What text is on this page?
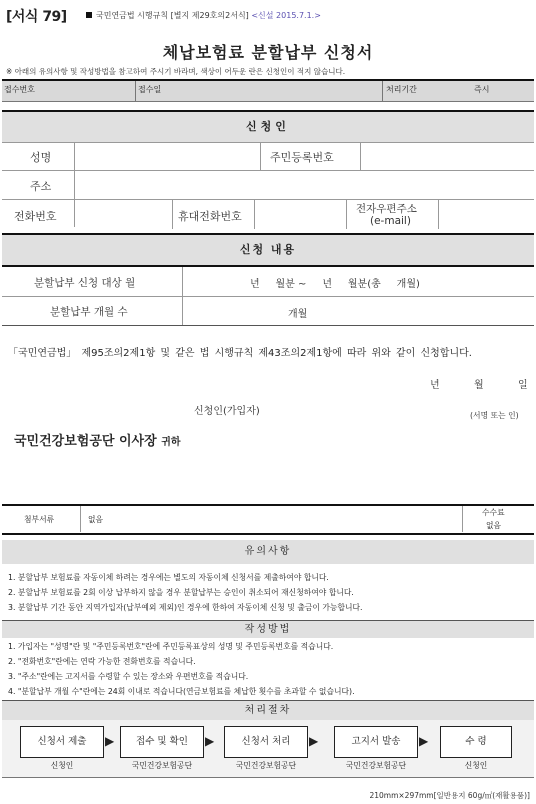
[서식 79]	국민연금법 시행규칙 [별지 제29호의2서식] <신설 2015.7.1.>
체납보험료 분할납부 신청서
※ 아래의 유의사항 및 작성방법을 참고하여 주시기 바라며, 색상이 어두운 란은 신청인이 적지 않습니다.
접수번호	접수일	처리기간	즉시
신청인
성명	주민등록번호
주소
전화번호	휴대전화번호
전자우편주소
(e-mail)
신청 내용
분할납부 신청 대상 월	년     월분 ~     년     월분(총     개월)
분할납부 개월 수	개월
「국민연금법」 제95조의2제1항 및 같은 법 시행규칙 제43조의2제1항에 따라 위와 같이 신청합니다.
년	월	일
신청인(가입자)	(서명 또는 인)
국민건강보험공단 이사장 귀하
첨부서류	없음
수수료
없음
유의사항
1. 분할납부 보험료를 자동이체 하려는 경우에는 별도의 자동이체 신청서를 제출하여야 합니다.
2. 분할납부 보험료를 2회 이상 납부하지 않을 경우 분할납부는 승인이 취소되어 재신청하여야 합니다.
3. 분할납부 기간 동안 지역가입자(납부예외 제외)인 경우에 한하여 자동이체 신청 및 출금이 가능합니다.
작성방법
1. 가입자는 "성명"란 및 "주민등록번호"란에 주민등록표상의 성명 및 주민등록번호를 적습니다.
2. "전화번호"란에는 연락 가능한 전화번호를 적습니다.
3. "주소"란에는 고지서를 수령할 수 있는 장소와 우편번호를 적습니다.
4. "분할납부 개월 수"란에는 24회 이내로 적습니다(연금보험료를 체납한 횟수를 초과할 수 없습니다).
처리절차
신청서 제출	▶	접수 및 확인	▶	신청서 처리	▶	고지서 발송	▶	수 령
신청인	국민건강보험공단	국민건강보험공단	국민건강보험공단	신청인
210mm×297mm[일반용지 60g/㎡(재활용품)]
